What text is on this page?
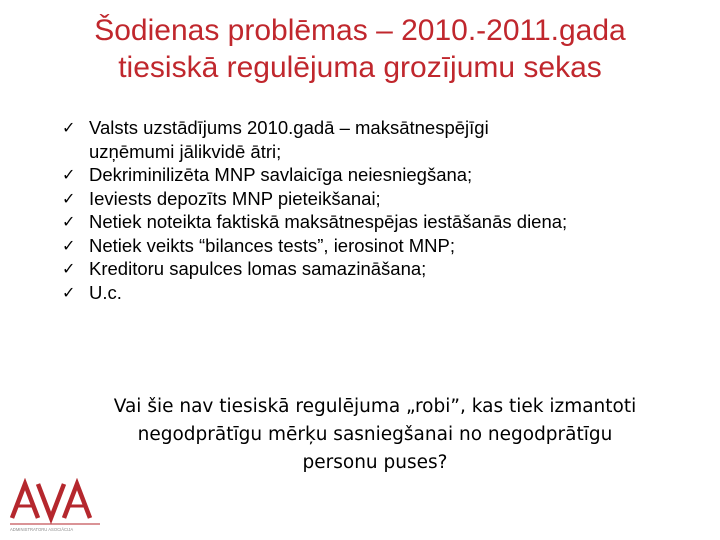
Šodienas problēmas – 2010.-2011.gada
tiesiskā regulējuma grozījumu sekas
✓ Valsts uzstādījums 2010.gadā – maksātnespējīgi
uzņēmumi jālikvidē ātri;
✓ Dekriminilizēta MNP savlaicīga neiesniegšana;
✓ Ieviests depozīts MNP pieteikšanai;
✓ Netiek noteikta faktiskā maksātnespējas iestāšanās diena;
✓ Netiek veikts “bilances tests”, ierosinot MNP;
✓ Kreditoru sapulces lomas samazināšana;
✓ U.c.
Vai šie nav tiesiskā regulējuma „robi”, kas tiek izmantoti
negodprātīgu mērķu sasniegšanai no negodprātīgu
personu puses?
ADMINISTRATORU ASOCIĀCIJA
